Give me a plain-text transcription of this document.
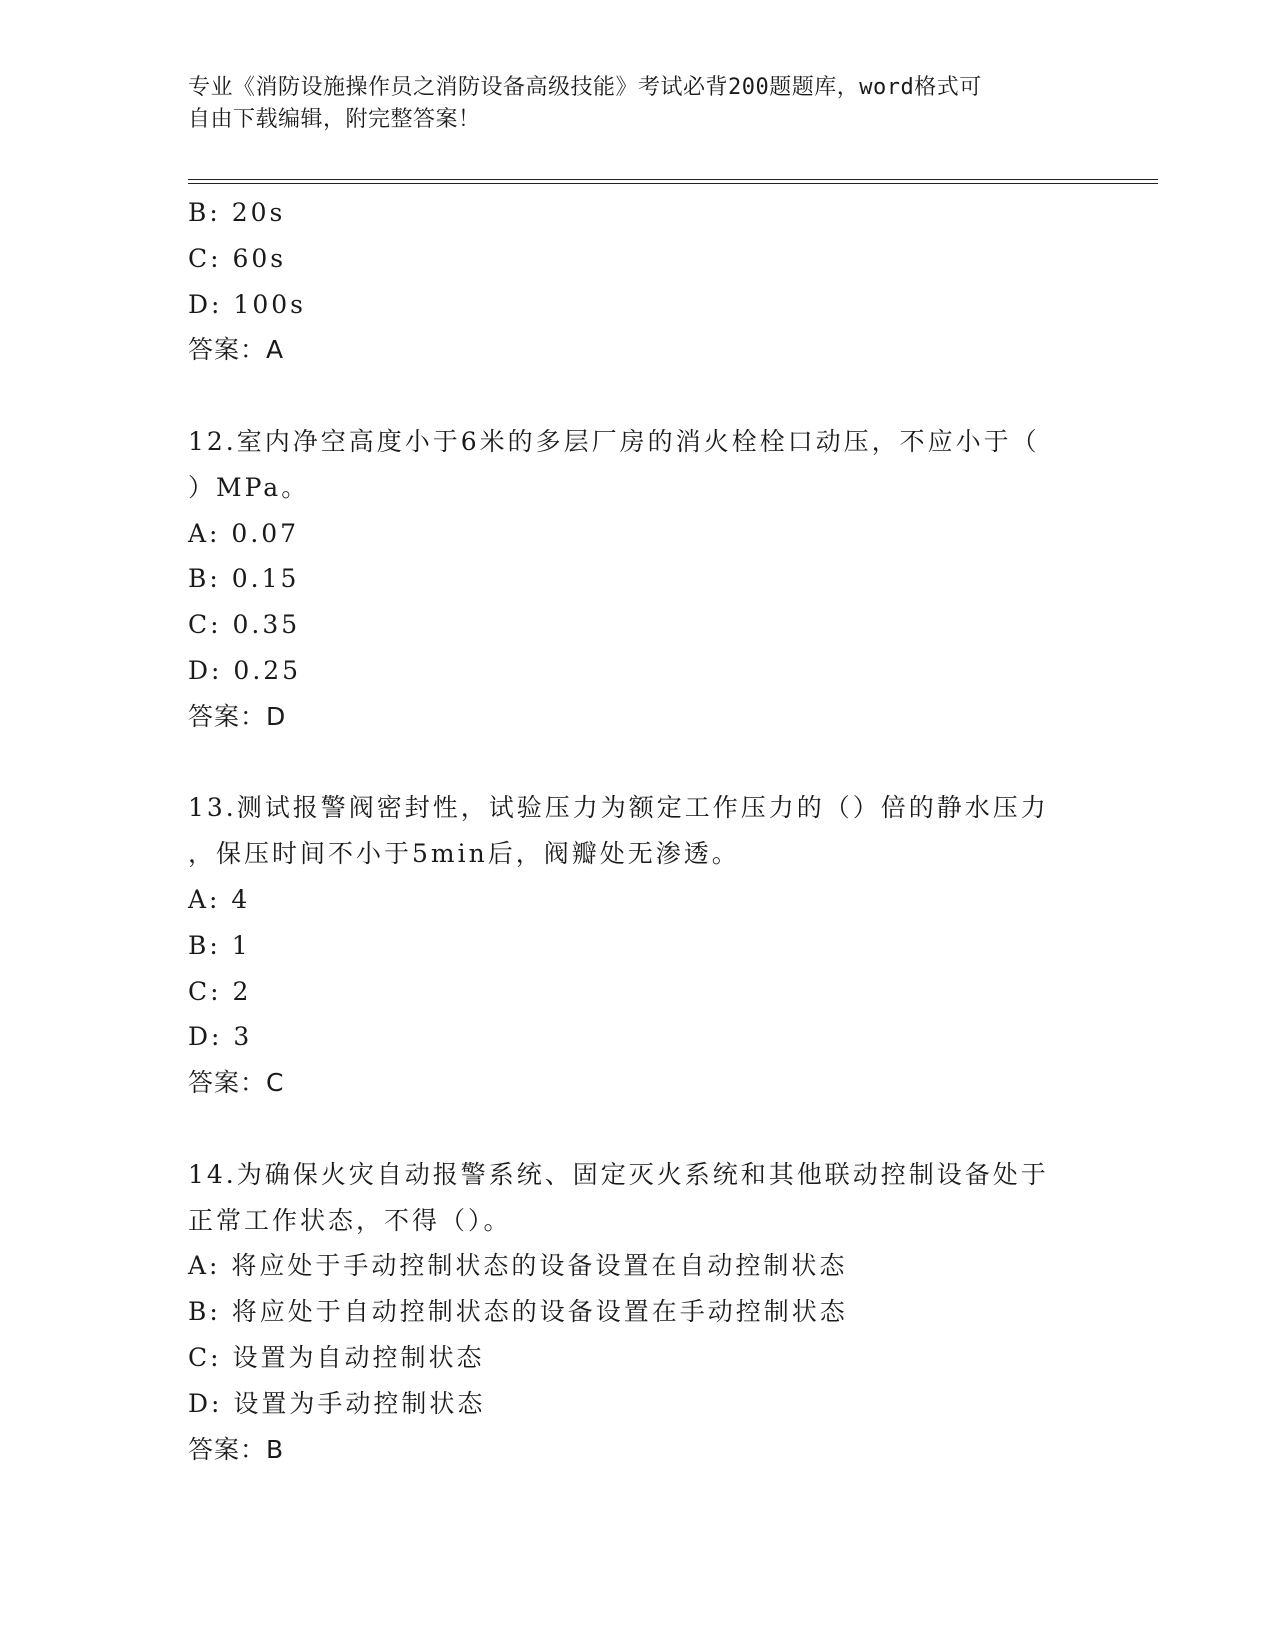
专业《消防设施操作员之消防设备高级技能》考试必背200题题库，word格式可
自由下载编辑，附完整答案！
B: 20s
C: 60s
D: 100s
答案：A
12.室内净空高度小于6米的多层厂房的消火栓栓口动压，不应小于（
）MPa。
A: 0.07
B: 0.15
C: 0.35
D: 0.25
答案：D
13.测试报警阀密封性，试验压力为额定工作压力的（）倍的静水压力
，保压时间不小于5min后，阀瓣处无渗透。
A: 4
B: 1
C: 2
D: 3
答案：C
14.为确保火灾自动报警系统、固定灭火系统和其他联动控制设备处于
正常工作状态，不得（）。
A: 将应处于手动控制状态的设备设置在自动控制状态
B: 将应处于自动控制状态的设备设置在手动控制状态
C: 设置为自动控制状态
D: 设置为手动控制状态
答案：B
